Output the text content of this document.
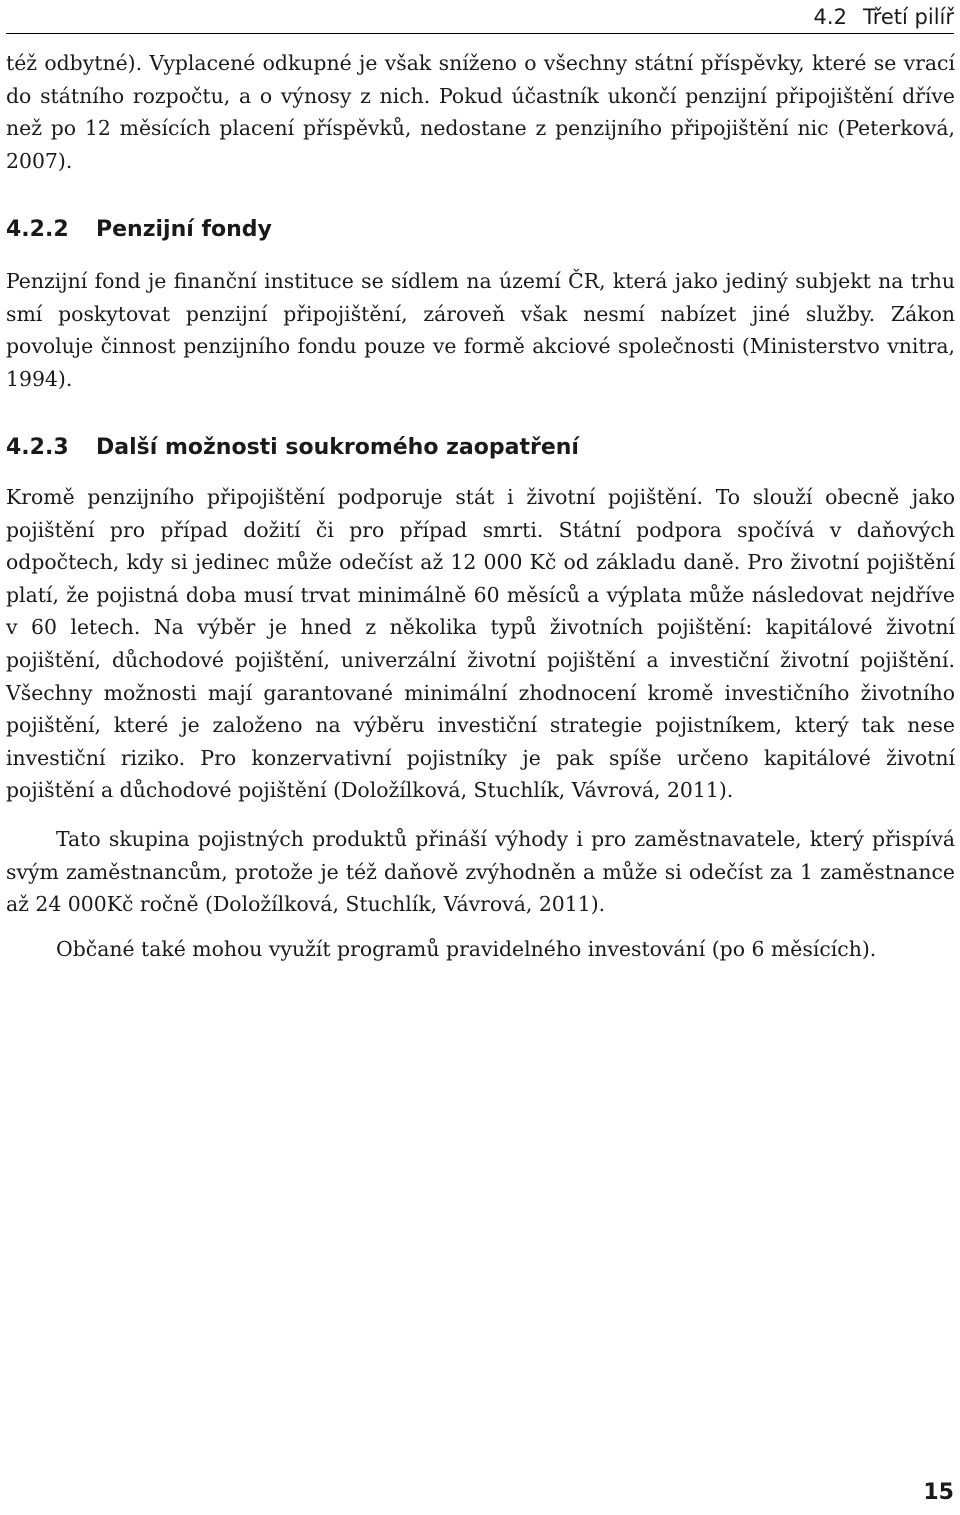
4.2 Třetí pilíř

též odbytné). Vyplacené odkupné je však sníženo o všechny státní příspěvky, které se vrací do státního rozpočtu, a o výnosy z nich. Pokud účastník ukončí penzijní připojištění dříve než po 12 měsících placení příspěvků, nedostane z penzijního připojištění nic (Peterková, 2007).

4.2.2 Penzijní fondy

Penzijní fond je finanční instituce se sídlem na území ČR, která jako jediný subjekt na trhu smí poskytovat penzijní připojištění, zároveň však nesmí nabízet jiné služby. Zákon povoluje činnost penzijního fondu pouze ve formě akciové společnosti (Ministerstvo vnitra, 1994).

4.2.3 Další možnosti soukromého zaopatření

Kromě penzijního připojištění podporuje stát i životní pojištění. To slouží obecně jako pojištění pro případ dožití či pro případ smrti. Státní podpora spočívá v daňových odpočtech, kdy si jedinec může odečíst až 12 000 Kč od základu daně. Pro životní pojištění platí, že pojistná doba musí trvat minimálně 60 měsíců a výplata může následovat nejdříve v 60 letech. Na výběr je hned z několika typů životních pojištění: kapitálové životní pojištění, důchodové pojištění, univerzální životní pojištění a investiční životní pojištění. Všechny možnosti mají garantované minimální zhodnocení kromě investičního životního pojištění, které je založeno na výběru investiční strategie pojistníkem, který tak nese investiční riziko. Pro konzervativní pojistníky je pak spíše určeno kapitálové životní pojištění a důchodové pojištění (Doložílková, Stuchlík, Vávrová, 2011).

Tato skupina pojistných produktů přináší výhody i pro zaměstnavatele, který přispívá svým zaměstnancům, protože je též daňově zvýhodněn a může si odečíst za 1 zaměstnance až 24 000Kč ročně (Doložílková, Stuchlík, Vávrová, 2011).

Občané také mohou využít programů pravidelného investování (po 6 měsících).

15
